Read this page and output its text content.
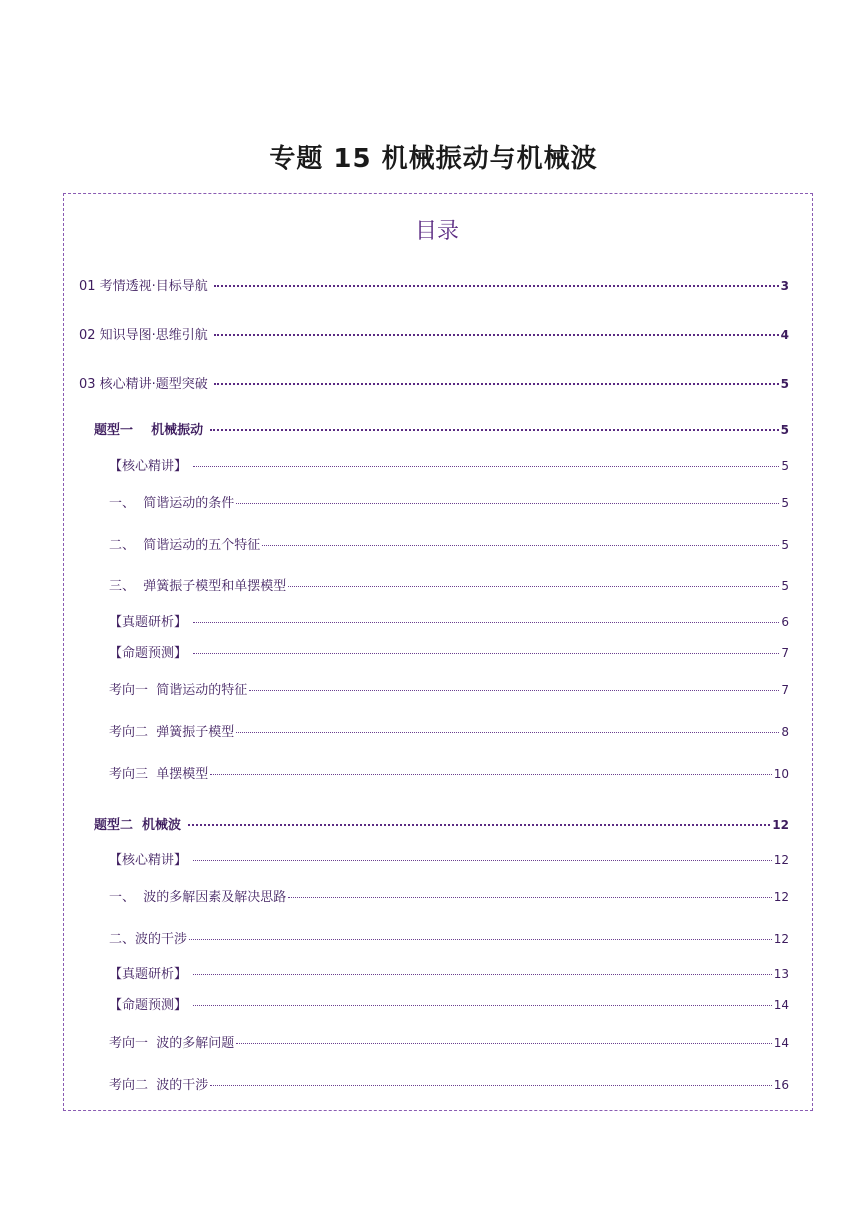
专题 15 机械振动与机械波
目录
01 考情透视·目标导航	3
02 知识导图·思维引航	4
03 核心精讲·题型突破	5
题型一    机械振动	5
【核心精讲】	5
一、  简谐运动的条件	5
二、  简谐运动的五个特征	5
三、  弹簧振子模型和单摆模型	5
【真题研析】	6
【命题预测】	7
考向一  简谐运动的特征	7
考向二  弹簧振子模型	8
考向三  单摆模型	10
题型二  机械波	12
【核心精讲】	12
一、  波的多解因素及解决思路	12
二、波的干涉	12
【真题研析】	13
【命题预测】	14
考向一  波的多解问题	14
考向二  波的干涉	16
